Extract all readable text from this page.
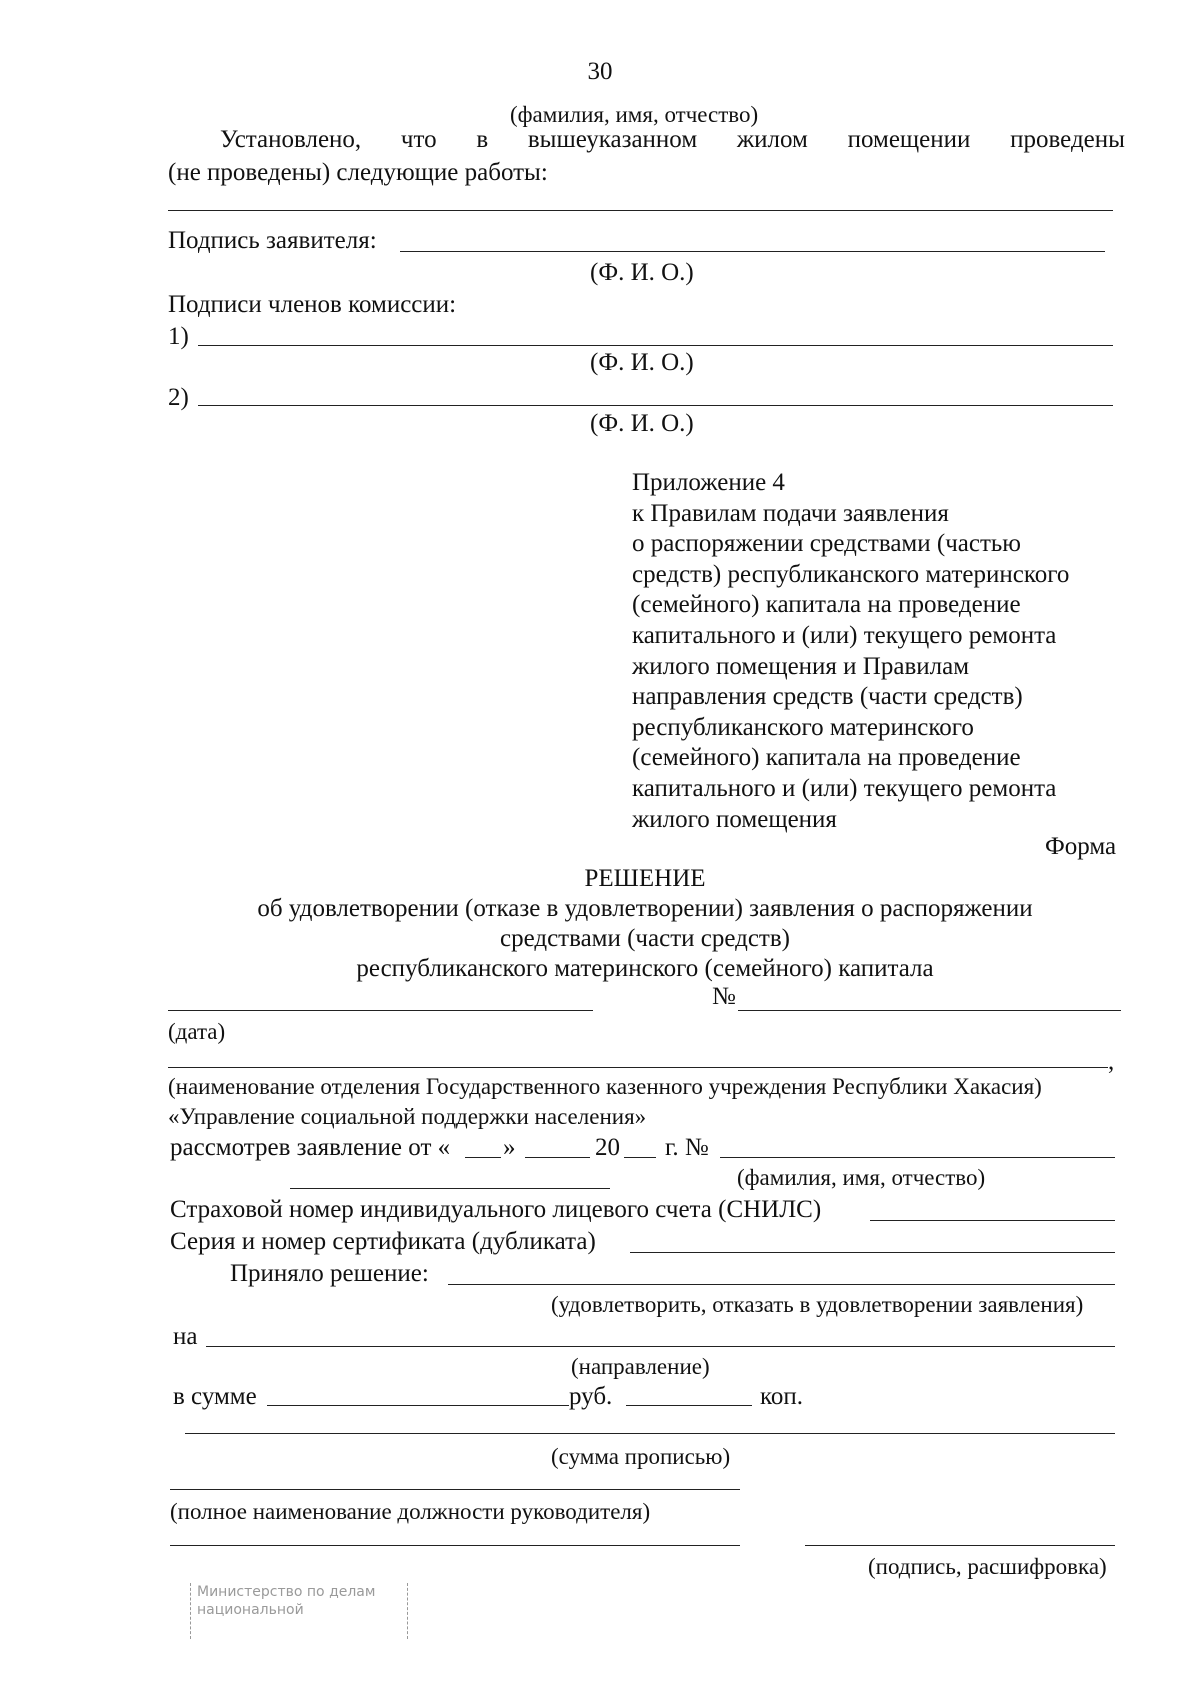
30
(фамилия, имя, отчество)
Установлено, что в вышеуказанном жилом помещении проведены
(не проведены) следующие работы:
Подпись заявителя:
(Ф. И. О.)
Подписи членов комиссии:
1)
(Ф. И. О.)
2)
(Ф. И. О.)
Приложение 4
к Правилам подачи заявления
о распоряжении средствами (частью
средств) республиканского материнского
(семейного) капитала на проведение
капитального и (или) текущего ремонта
жилого помещения и Правилам
направления средств (части средств)
республиканского материнского
(семейного) капитала на проведение
капитального и (или) текущего ремонта
жилого помещения
Форма
РЕШЕНИЕ
об удовлетворении (отказе в удовлетворении) заявления о распоряжении
средствами (части средств)
республиканского материнского (семейного) капитала
№
(дата)
,
(наименование отделения Государственного казенного учреждения Республики Хакасия)
«Управление социальной поддержки населения»
рассмотрев заявление от « »	20 г. №
(фамилия, имя, отчество)
Страховой номер индивидуального лицевого счета (СНИЛС)
Серия и номер сертификата (дубликата)
Приняло решение:
(удовлетворить, отказать в удовлетворении заявления)
на
(направление)
в сумме	руб.	коп.
(сумма прописью)
(полное наименование должности руководителя)
(подпись, расшифровка)
Министерство по делам
национальной
